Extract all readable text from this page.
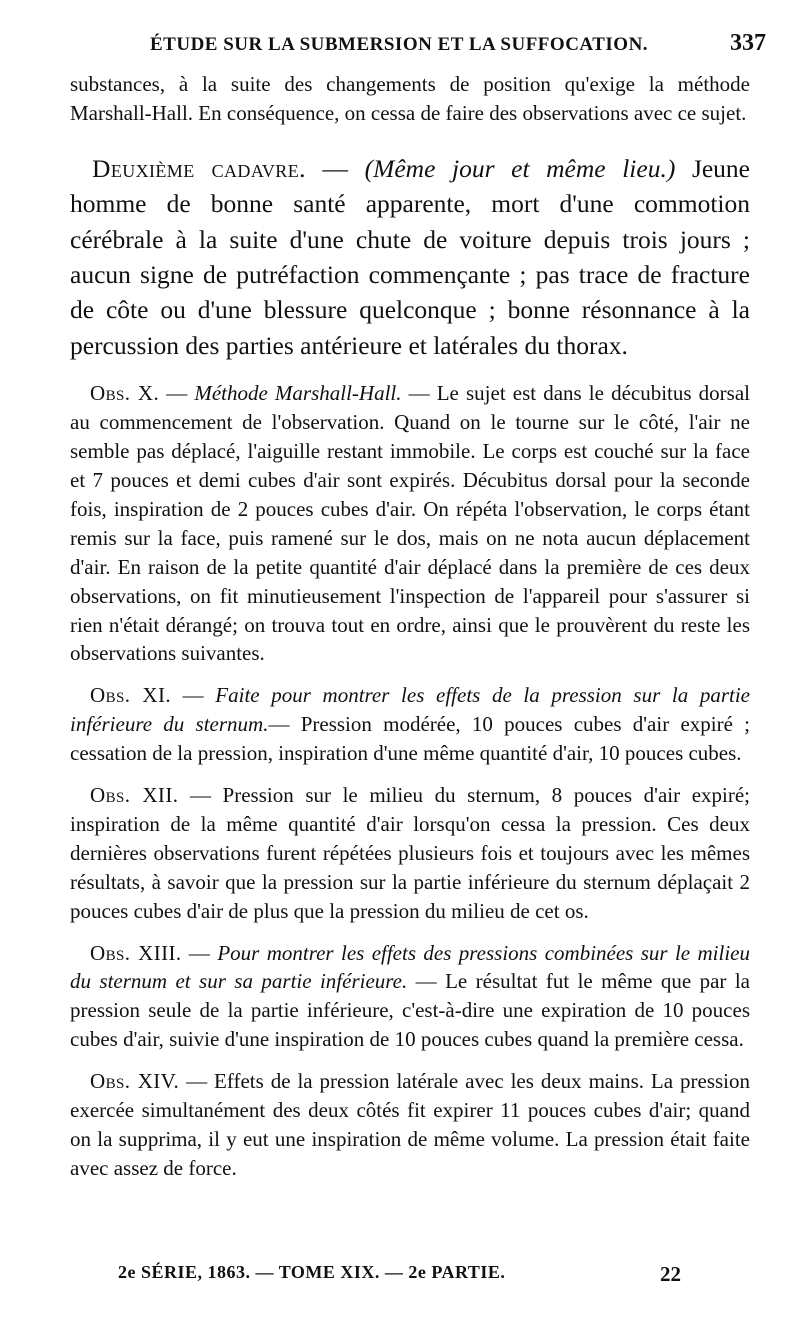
ÉTUDE SUR LA SUBMERSION ET LA SUFFOCATION.	337

substances, à la suite des changements de position qu'exige la méthode Marshall-Hall. En conséquence, on cessa de faire des observations avec ce sujet.

Deuxième cadavre. — (Même jour et même lieu.) Jeune homme de bonne santé apparente, mort d'une commotion cérébrale à la suite d'une chute de voiture depuis trois jours ; aucun signe de putréfaction commençante ; pas trace de fracture de côte ou d'une blessure quelconque ; bonne résonnance à la percussion des parties antérieure et latérales du thorax.

Obs. X. — Méthode Marshall-Hall. — Le sujet est dans le décubitus dorsal au commencement de l'observation. Quand on le tourne sur le côté, l'air ne semble pas déplacé, l'aiguille restant immobile. Le corps est couché sur la face et 7 pouces et demi cubes d'air sont expirés. Décubitus dorsal pour la seconde fois, inspiration de 2 pouces cubes d'air. On répéta l'observation, le corps étant remis sur la face, puis ramené sur le dos, mais on ne nota aucun déplacement d'air. En raison de la petite quantité d'air déplacé dans la première de ces deux observations, on fit minutieusement l'inspection de l'appareil pour s'assurer si rien n'était dérangé; on trouva tout en ordre, ainsi que le prouvèrent du reste les observations suivantes.

Obs. XI. — Faite pour montrer les effets de la pression sur la partie inférieure du sternum.— Pression modérée, 10 pouces cubes d'air expiré ; cessation de la pression, inspiration d'une même quantité d'air, 10 pouces cubes.

Obs. XII. — Pression sur le milieu du sternum, 8 pouces d'air expiré; inspiration de la même quantité d'air lorsqu'on cessa la pression. Ces deux dernières observations furent répétées plusieurs fois et toujours avec les mêmes résultats, à savoir que la pression sur la partie inférieure du sternum déplaçait 2 pouces cubes d'air de plus que la pression du milieu de cet os.

Obs. XIII. — Pour montrer les effets des pressions combinées sur le milieu du sternum et sur sa partie inférieure. — Le résultat fut le même que par la pression seule de la partie inférieure, c'est-à-dire une expiration de 10 pouces cubes d'air, suivie d'une inspiration de 10 pouces cubes quand la première cessa.

Obs. XIV. — Effets de la pression latérale avec les deux mains. La pression exercée simultanément des deux côtés fit expirer 11 pouces cubes d'air; quand on la supprima, il y eut une inspiration de même volume. La pression était faite avec assez de force.

2e SÉRIE, 1863. — TOME XIX. — 2e PARTIE.	22
